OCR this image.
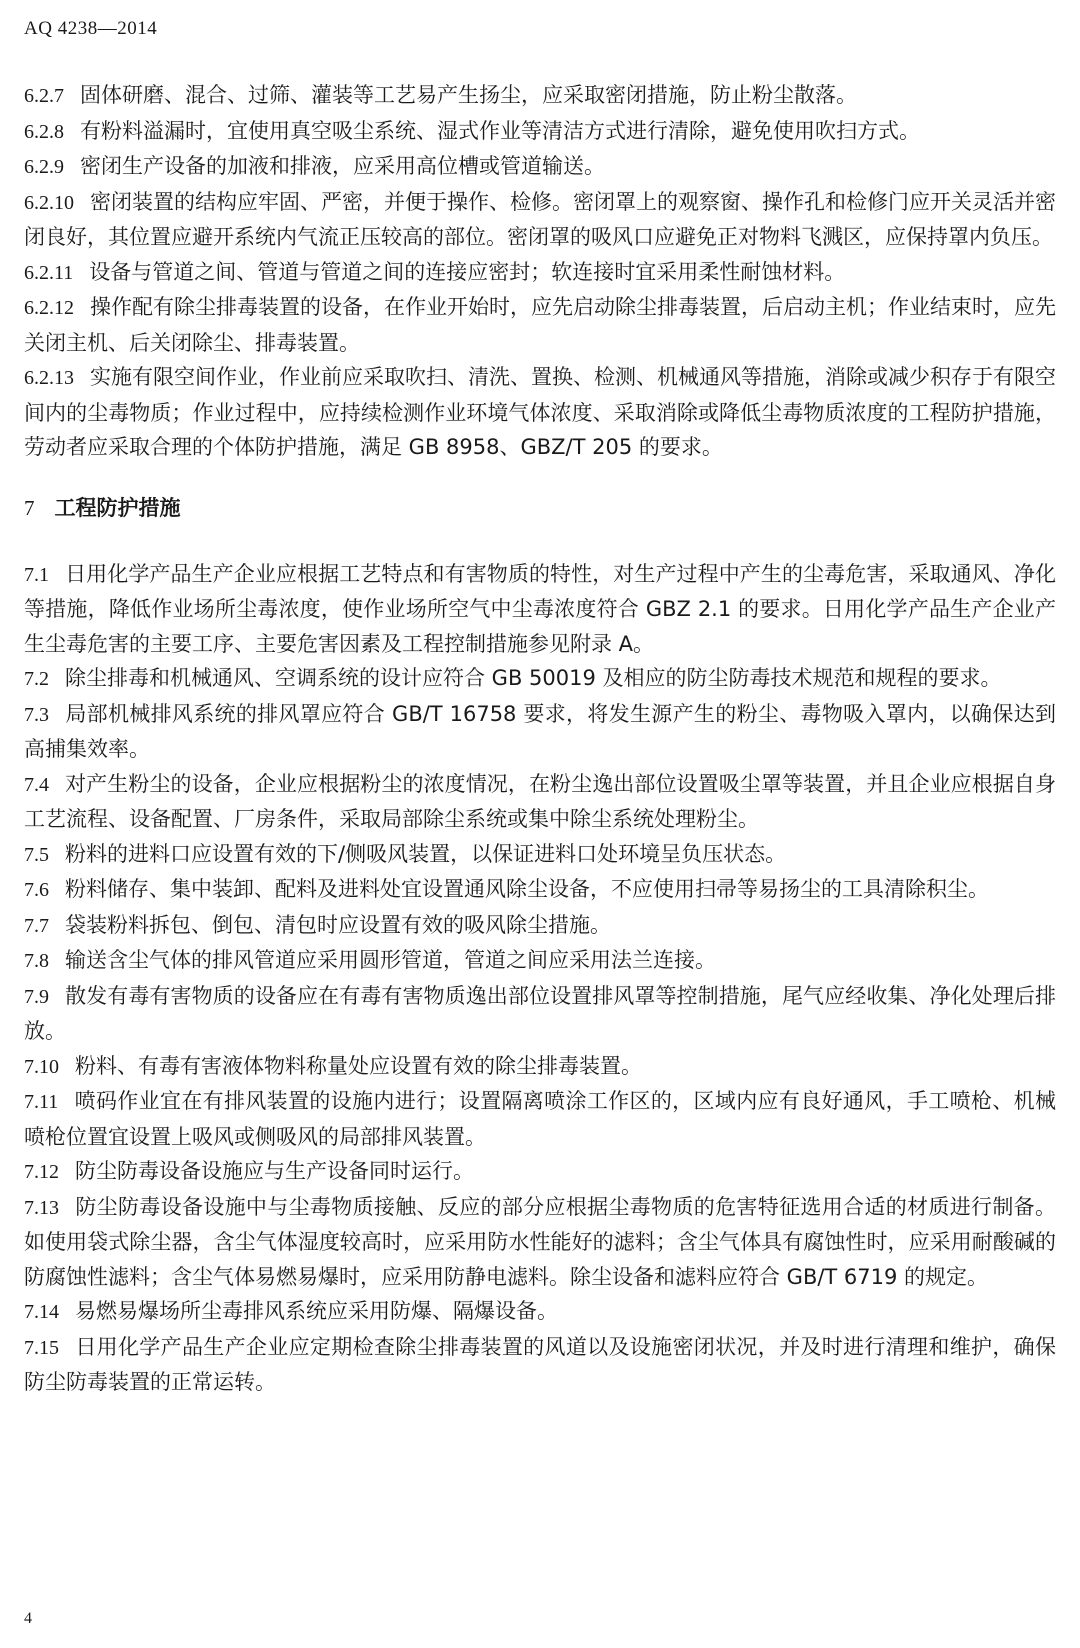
AQ 4238—2014

6.2.7 固体研磨、混合、过筛、灌装等工艺易产生扬尘，应采取密闭措施，防止粉尘散落。

6.2.8 有粉料溢漏时，宜使用真空吸尘系统、湿式作业等清洁方式进行清除，避免使用吹扫方式。

6.2.9 密闭生产设备的加液和排液，应采用高位槽或管道输送。

6.2.10 密闭装置的结构应牢固、严密，并便于操作、检修。密闭罩上的观察窗、操作孔和检修门应开关灵活并密闭良好，其位置应避开系统内气流正压较高的部位。密闭罩的吸风口应避免正对物料飞溅区，应保持罩内负压。

6.2.11 设备与管道之间、管道与管道之间的连接应密封；软连接时宜采用柔性耐蚀材料。

6.2.12 操作配有除尘排毒装置的设备，在作业开始时，应先启动除尘排毒装置，后启动主机；作业结束时，应先关闭主机、后关闭除尘、排毒装置。

6.2.13 实施有限空间作业，作业前应采取吹扫、清洗、置换、检测、机械通风等措施，消除或减少积存于有限空间内的尘毒物质；作业过程中，应持续检测作业环境气体浓度、采取消除或降低尘毒物质浓度的工程防护措施，劳动者应采取合理的个体防护措施，满足 GB 8958、GBZ/T 205 的要求。

7 工程防护措施

7.1 日用化学产品生产企业应根据工艺特点和有害物质的特性，对生产过程中产生的尘毒危害，采取通风、净化等措施，降低作业场所尘毒浓度，使作业场所空气中尘毒浓度符合 GBZ 2.1 的要求。日用化学产品生产企业产生尘毒危害的主要工序、主要危害因素及工程控制措施参见附录 A。

7.2 除尘排毒和机械通风、空调系统的设计应符合 GB 50019 及相应的防尘防毒技术规范和规程的要求。

7.3 局部机械排风系统的排风罩应符合 GB/T 16758 要求，将发生源产生的粉尘、毒物吸入罩内，以确保达到高捕集效率。

7.4 对产生粉尘的设备，企业应根据粉尘的浓度情况，在粉尘逸出部位设置吸尘罩等装置，并且企业应根据自身工艺流程、设备配置、厂房条件，采取局部除尘系统或集中除尘系统处理粉尘。

7.5 粉料的进料口应设置有效的下/侧吸风装置，以保证进料口处环境呈负压状态。

7.6 粉料储存、集中装卸、配料及进料处宜设置通风除尘设备，不应使用扫帚等易扬尘的工具清除积尘。

7.7 袋装粉料拆包、倒包、清包时应设置有效的吸风除尘措施。

7.8 输送含尘气体的排风管道应采用圆形管道，管道之间应采用法兰连接。

7.9 散发有毒有害物质的设备应在有毒有害物质逸出部位设置排风罩等控制措施，尾气应经收集、净化处理后排放。

7.10 粉料、有毒有害液体物料称量处应设置有效的除尘排毒装置。

7.11 喷码作业宜在有排风装置的设施内进行；设置隔离喷涂工作区的，区域内应有良好通风，手工喷枪、机械喷枪位置宜设置上吸风或侧吸风的局部排风装置。

7.12 防尘防毒设备设施应与生产设备同时运行。

7.13 防尘防毒设备设施中与尘毒物质接触、反应的部分应根据尘毒物质的危害特征选用合适的材质进行制备。如使用袋式除尘器，含尘气体湿度较高时，应采用防水性能好的滤料；含尘气体具有腐蚀性时，应采用耐酸碱的防腐蚀性滤料；含尘气体易燃易爆时，应采用防静电滤料。除尘设备和滤料应符合 GB/T 6719 的规定。

7.14 易燃易爆场所尘毒排风系统应采用防爆、隔爆设备。

7.15 日用化学产品生产企业应定期检查除尘排毒装置的风道以及设施密闭状况，并及时进行清理和维护，确保防尘防毒装置的正常运转。

4
